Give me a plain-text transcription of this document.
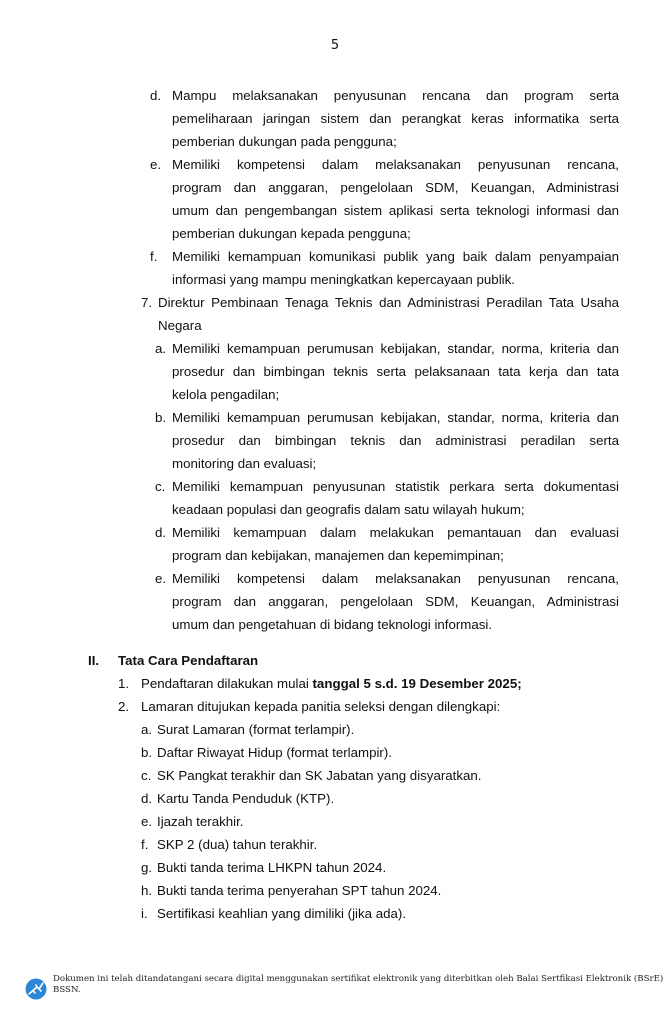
5
d. Mampu melaksanakan penyusunan rencana dan program serta
pemeliharaan jaringan sistem dan perangkat keras informatika serta
pemberian dukungan pada pengguna;
e. Memiliki kompetensi dalam melaksanakan penyusunan rencana,
program dan anggaran, pengelolaan SDM, Keuangan, Administrasi
umum dan pengembangan sistem aplikasi serta teknologi informasi dan
pemberian dukungan kepada pengguna;
f. Memiliki kemampuan komunikasi publik yang baik dalam penyampaian
informasi yang mampu meningkatkan kepercayaan publik.
7. Direktur Pembinaan Tenaga Teknis dan Administrasi Peradilan Tata Usaha
Negara
a. Memiliki kemampuan perumusan kebijakan, standar, norma, kriteria dan
prosedur dan bimbingan teknis serta pelaksanaan tata kerja dan tata
kelola pengadilan;
b. Memiliki kemampuan perumusan kebijakan, standar, norma, kriteria dan
prosedur dan bimbingan teknis dan administrasi peradilan serta
monitoring dan evaluasi;
c. Memiliki kemampuan penyusunan statistik perkara serta dokumentasi
keadaan populasi dan geografis dalam satu wilayah hukum;
d. Memiliki kemampuan dalam melakukan pemantauan dan evaluasi
program dan kebijakan, manajemen dan kepemimpinan;
e. Memiliki kompetensi dalam melaksanakan penyusunan rencana,
program dan anggaran, pengelolaan SDM, Keuangan, Administrasi
umum dan pengetahuan di bidang teknologi informasi.
II. Tata Cara Pendaftaran
1. Pendaftaran dilakukan mulai tanggal 5 s.d. 19 Desember 2025;
2. Lamaran ditujukan kepada panitia seleksi dengan dilengkapi:
a. Surat Lamaran (format terlampir).
b. Daftar Riwayat Hidup (format terlampir).
c. SK Pangkat terakhir dan SK Jabatan yang disyaratkan.
d. Kartu Tanda Penduduk (KTP).
e. Ijazah terakhir.
f. SKP 2 (dua) tahun terakhir.
g. Bukti tanda terima LHKPN tahun 2024.
h. Bukti tanda terima penyerahan SPT tahun 2024.
i. Sertifikasi keahlian yang dimiliki (jika ada).
Dokumen ini telah ditandatangani secara digital menggunakan sertifikat elektronik yang diterbitkan oleh Balai Sertfikasi Elektronik (BSrE)
BSSN.
